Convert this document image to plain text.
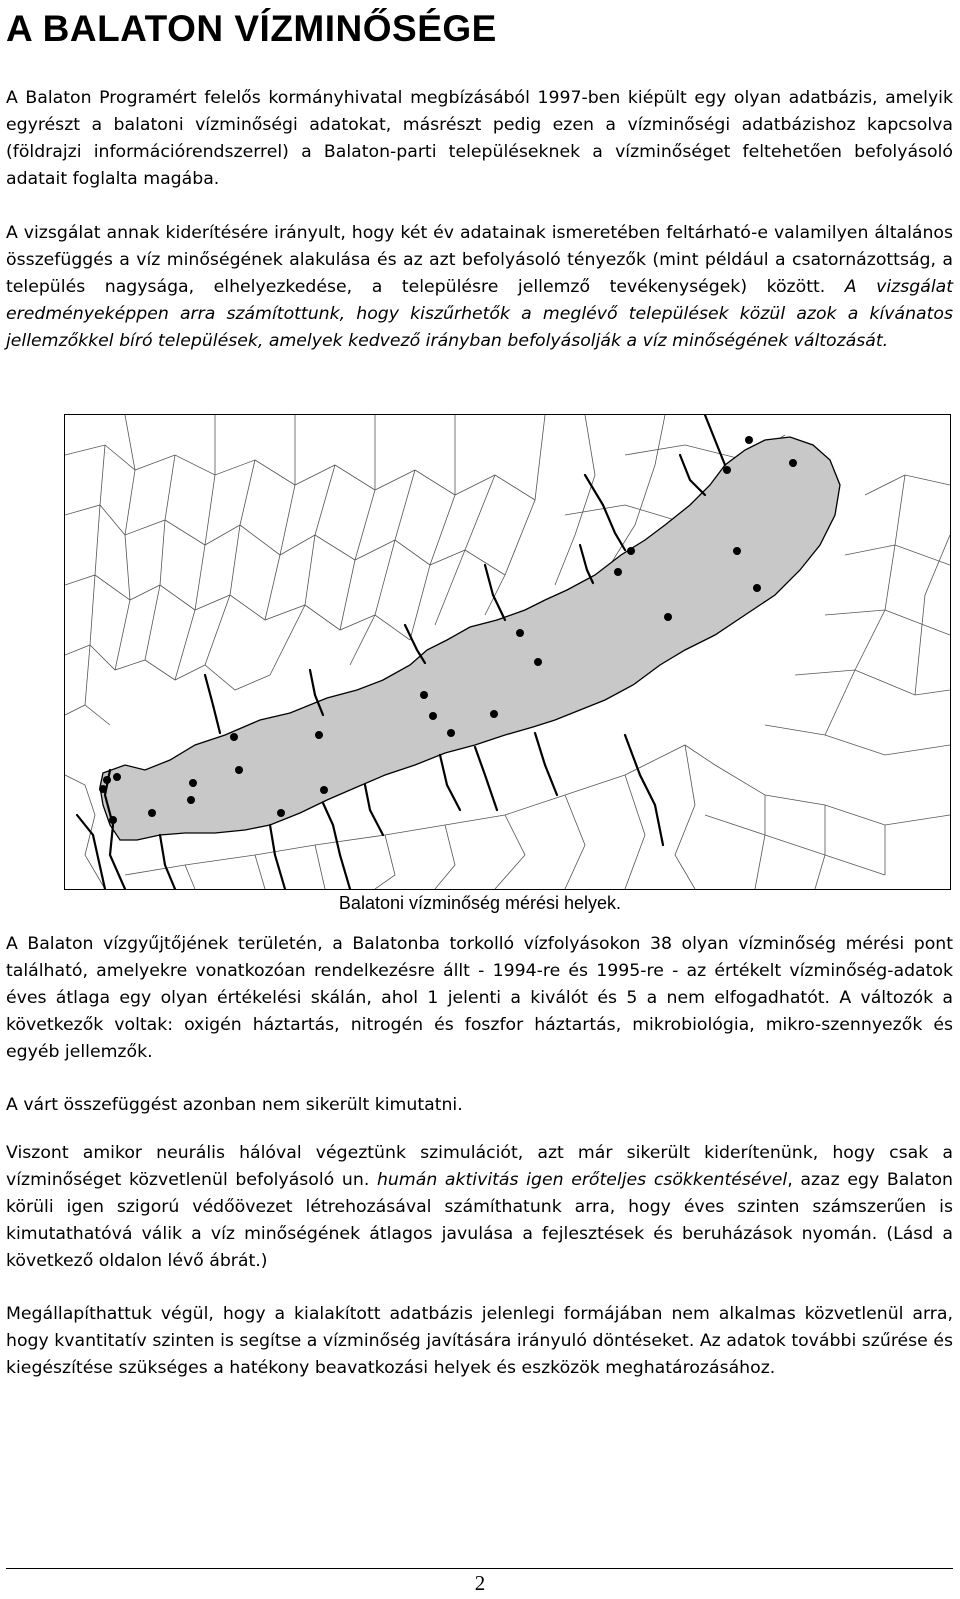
A BALATON VÍZMINŐSÉGE

A Balaton Programért felelős kormányhivatal megbízásából 1997-ben kiépült egy olyan adatbázis, amelyik egyrészt a balatoni vízminőségi adatokat, másrészt pedig ezen a vízminőségi adatbázishoz kapcsolva (földrajzi információrendszerrel) a Balaton-parti településeknek a vízminőséget feltehetően befolyásoló adatait foglalta magába.

A vizsgálat annak kiderítésére irányult, hogy két év adatainak ismeretében feltárható-e valamilyen általános összefüggés a víz minőségének alakulása és az azt befolyásoló tényezők (mint például a csatornázottság, a település nagysága, elhelyezkedése, a településre jellemző tevékenységek) között. A vizsgálat eredményeképpen arra számítottunk, hogy kiszűrhetők a meglévő települések közül azok a kívánatos jellemzőkkel bíró települések, amelyek kedvező irányban befolyásolják a víz minőségének változását.

Balatoni vízminőség mérési helyek.

A Balaton vízgyűjtőjének területén, a Balatonba torkolló vízfolyásokon 38 olyan vízminőség mérési pont található, amelyekre vonatkozóan rendelkezésre állt - 1994-re és 1995-re - az értékelt vízminőség-adatok éves átlaga egy olyan értékelési skálán, ahol 1 jelenti a kiválót és 5 a nem elfogadhatót. A változók a következők voltak: oxigén háztartás, nitrogén és foszfor háztartás, mikrobiológia, mikro-szennyezők és egyéb jellemzők.

A várt összefüggést azonban nem sikerült kimutatni.

Viszont amikor neurális hálóval végeztünk szimulációt, azt már sikerült kiderítenünk, hogy csak a vízminőséget közvetlenül befolyásoló un. humán aktivitás igen erőteljes csökkentésével, azaz egy Balaton körüli igen szigorú védőövezet létrehozásával számíthatunk arra, hogy éves szinten számszerűen is kimutathatóvá válik a víz minőségének átlagos javulása a fejlesztések és beruházások nyomán. (Lásd a következő oldalon lévő ábrát.)

Megállapíthattuk végül, hogy a kialakított adatbázis jelenlegi formájában nem alkalmas közvetlenül arra, hogy kvantitatív szinten is segítse a vízminőség javítására irányuló döntéseket. Az adatok további szűrése és kiegészítése szükséges a hatékony beavatkozási helyek és eszközök meghatározásához.

2
